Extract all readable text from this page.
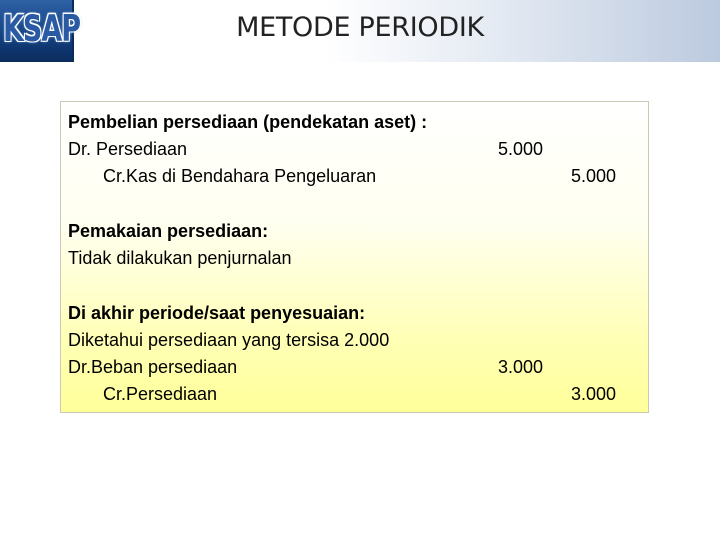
KSAP	METODE PERIODIK
Pembelian persediaan (pendekatan aset) :
Dr. Persediaan	5.000
Cr.Kas di Bendahara Pengeluaran	5.000
Pemakaian persediaan:
Tidak dilakukan penjurnalan
Di akhir periode/saat penyesuaian:
Diketahui persediaan yang tersisa 2.000
Dr.Beban persediaan	3.000
Cr.Persediaan	3.000
